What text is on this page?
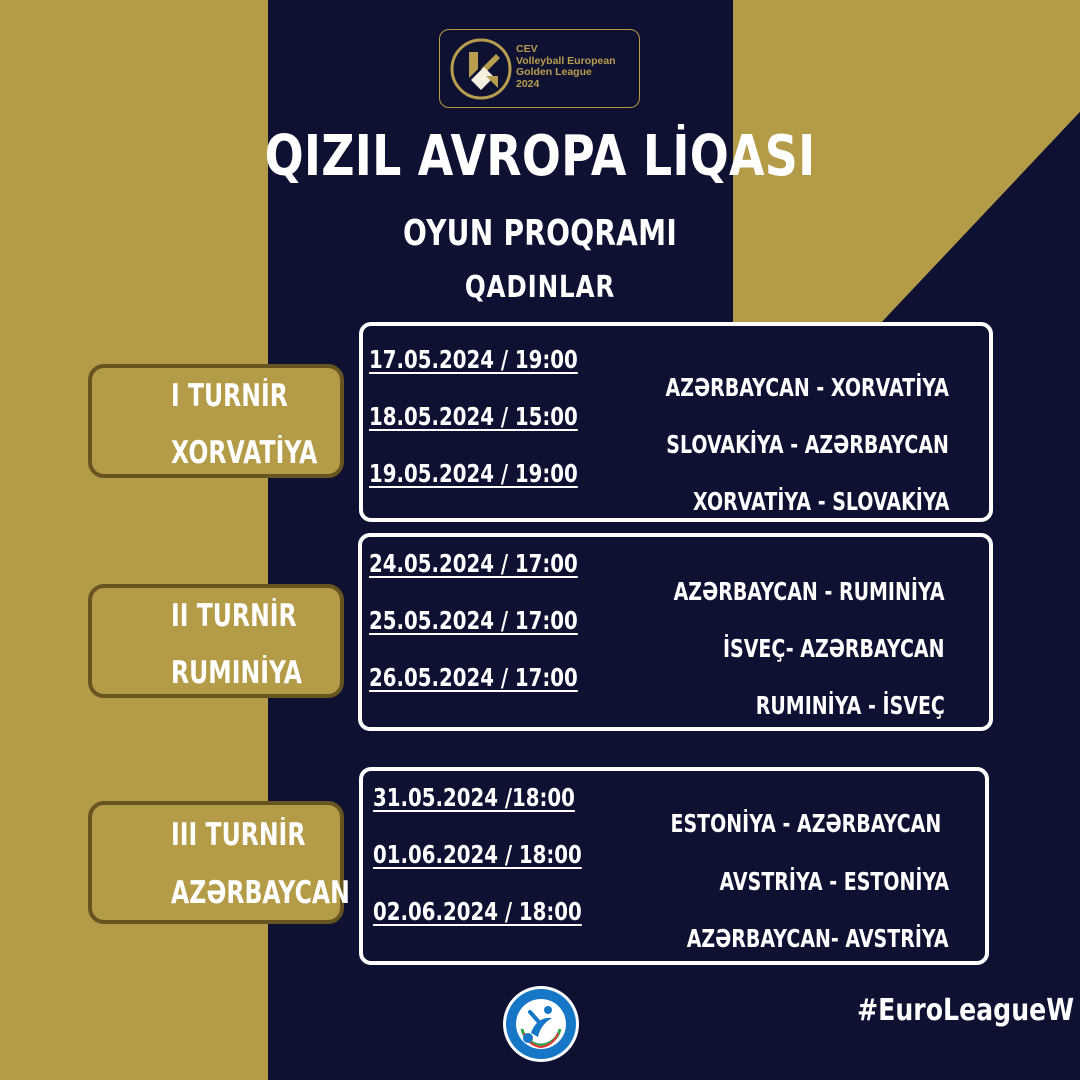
CEV
Volleyball European
Golden League
2024
QIZIL AVROPA LİQASI
OYUN PROQRAMI
QADINLAR
I TURNİR
XORVATİYA
17.05.2024 / 19:00
18.05.2024 / 15:00
19.05.2024 / 19:00
AZƏRBAYCAN - XORVATİYA
SLOVAKİYA - AZƏRBAYCAN
XORVATİYA - SLOVAKİYA
II TURNİR
RUMINİYA
24.05.2024 / 17:00
25.05.2024 / 17:00
26.05.2024 / 17:00
AZƏRBAYCAN - RUMINİYA
İSVEÇ- AZƏRBAYCAN
RUMINİYA - İSVEÇ
III TURNİR
AZƏRBAYCAN
31.05.2024 /18:00
01.06.2024 / 18:00
02.06.2024 / 18:00
ESTONİYA - AZƏRBAYCAN
AVSTRİYA - ESTONİYA
AZƏRBAYCAN- AVSTRİYA
AVF
#EuroLeagueW
